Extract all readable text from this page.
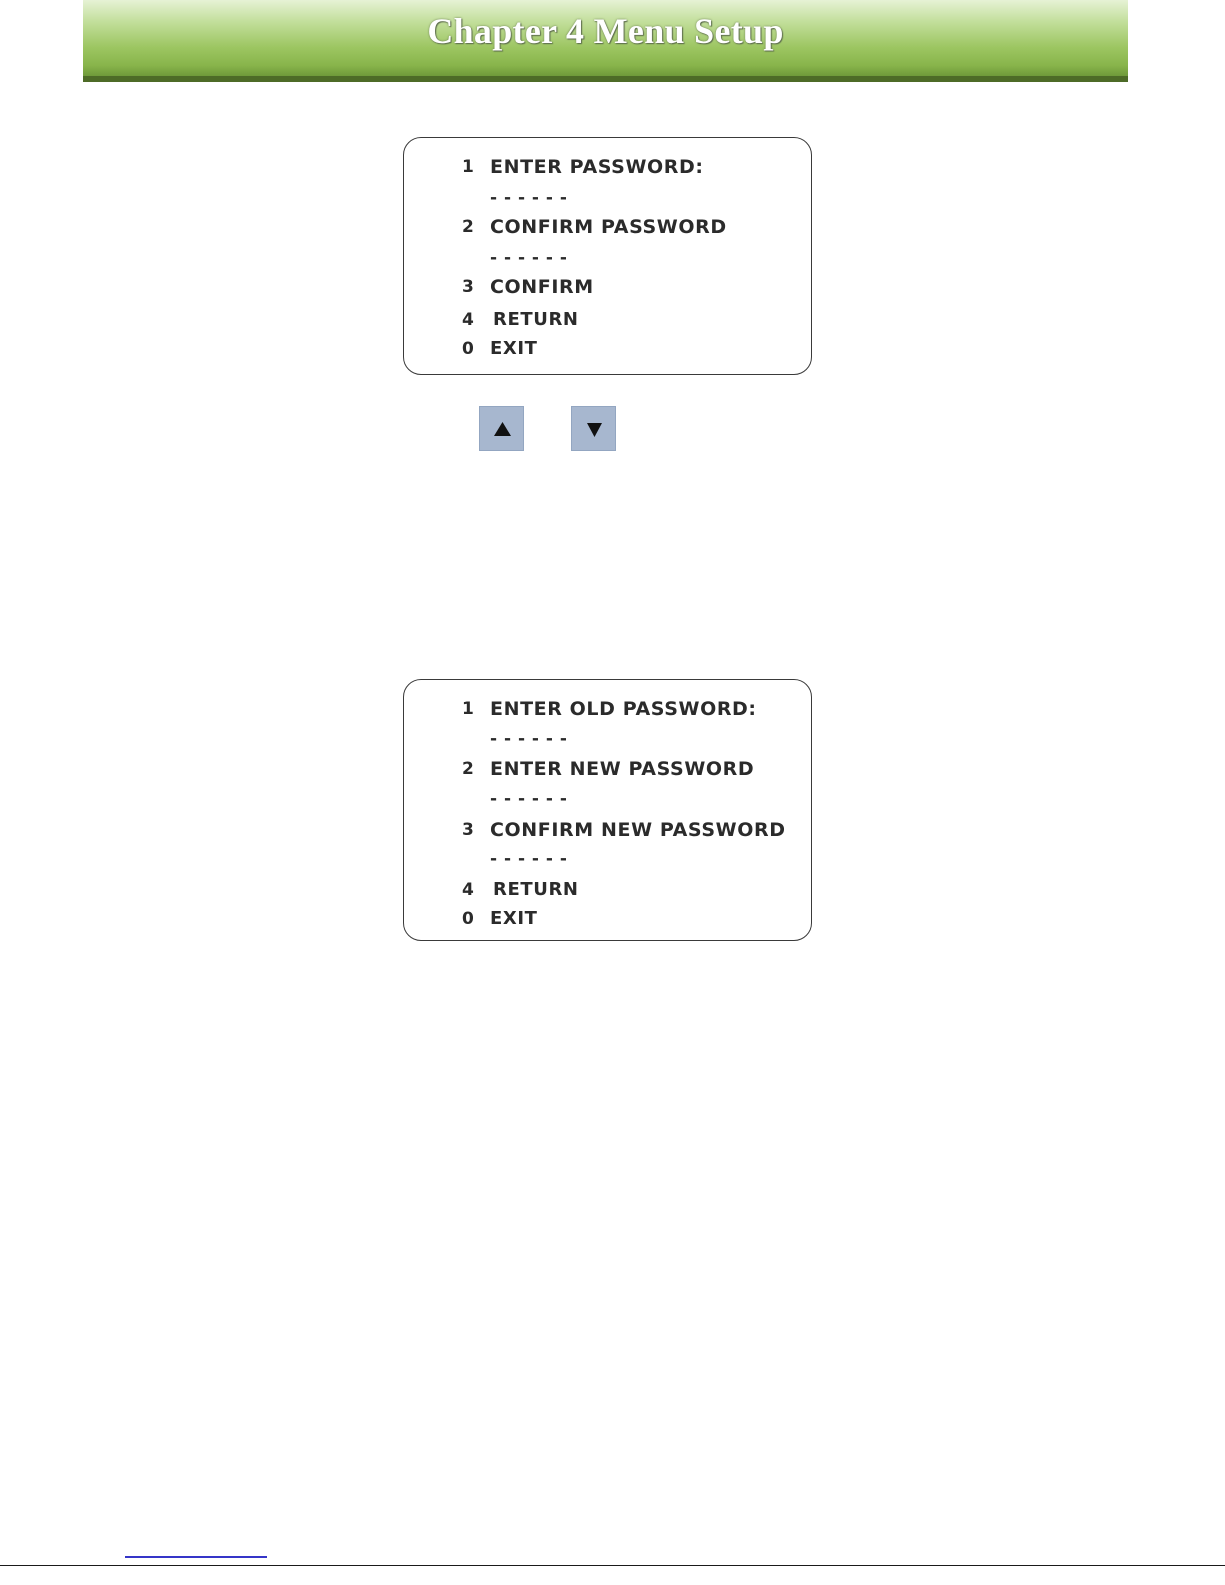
Chapter 4 Menu Setup
1 ENTER PASSWORD:
- - - - - -
2 CONFIRM PASSWORD
- - - - - -
3 CONFIRM
4 RETURN
0 EXIT
1 ENTER OLD PASSWORD:
- - - - - -
2 ENTER NEW PASSWORD
- - - - - -
3 CONFIRM NEW PASSWORD
- - - - - -
4 RETURN
0 EXIT
